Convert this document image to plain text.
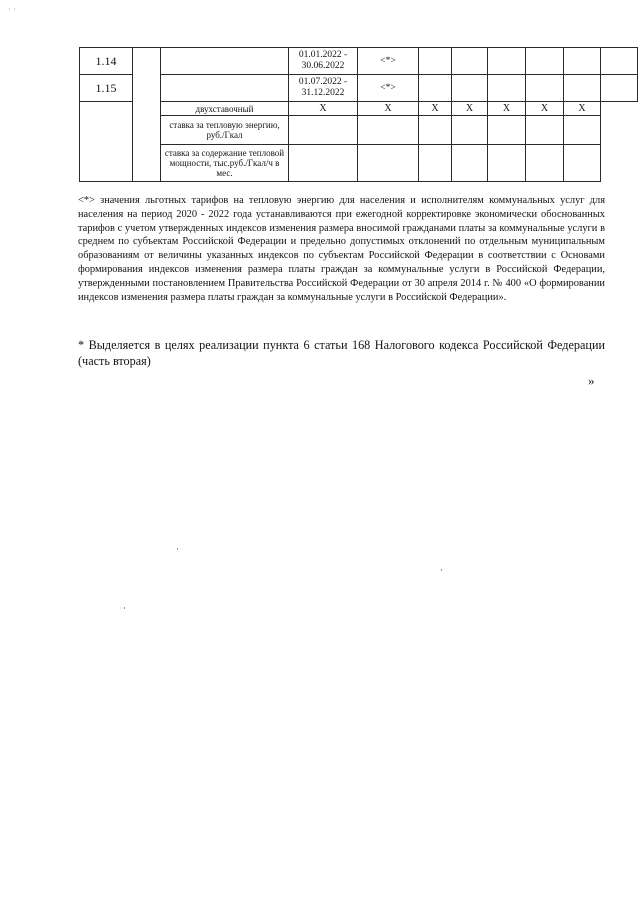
· ·
1.14			01.01.2022 - 30.06.2022	<*>						
1.15			01.07.2022 - 31.12.2022	<*>						
		двухставочный	Х	Х	Х	Х	Х	Х	Х	
		ставка за тепловую энергию, руб./Гкал								
		ставка за содержание тепловой мощности, тыс.руб./Гкал/ч в мес.								

<*> значения льготных тарифов на тепловую энергию для населения и исполнителям коммунальных услуг для населения на период 2020 - 2022 года устанавливаются при ежегодной корректировке экономически обоснованных тарифов с учетом утвержденных индексов изменения размера вносимой гражданами платы за коммунальные услуги в среднем по субъектам Российской Федерации и предельно допустимых отклонений по отдельным муниципальным образованиям от величины указанных индексов по субъектам Российской Федерации в соответствии с Основами формирования индексов изменения размера платы граждан за коммунальные услуги в Российской Федерации, утвержденными постановлением Правительства Российской Федерации от 30 апреля 2014 г. № 400 «О формировании индексов изменения размера платы граждан за коммунальные услуги в Российской Федерации».

* Выделяется в целях реализации пункта 6 статьи 168 Налогового кодекса Российской Федерации (часть вторая)

»
